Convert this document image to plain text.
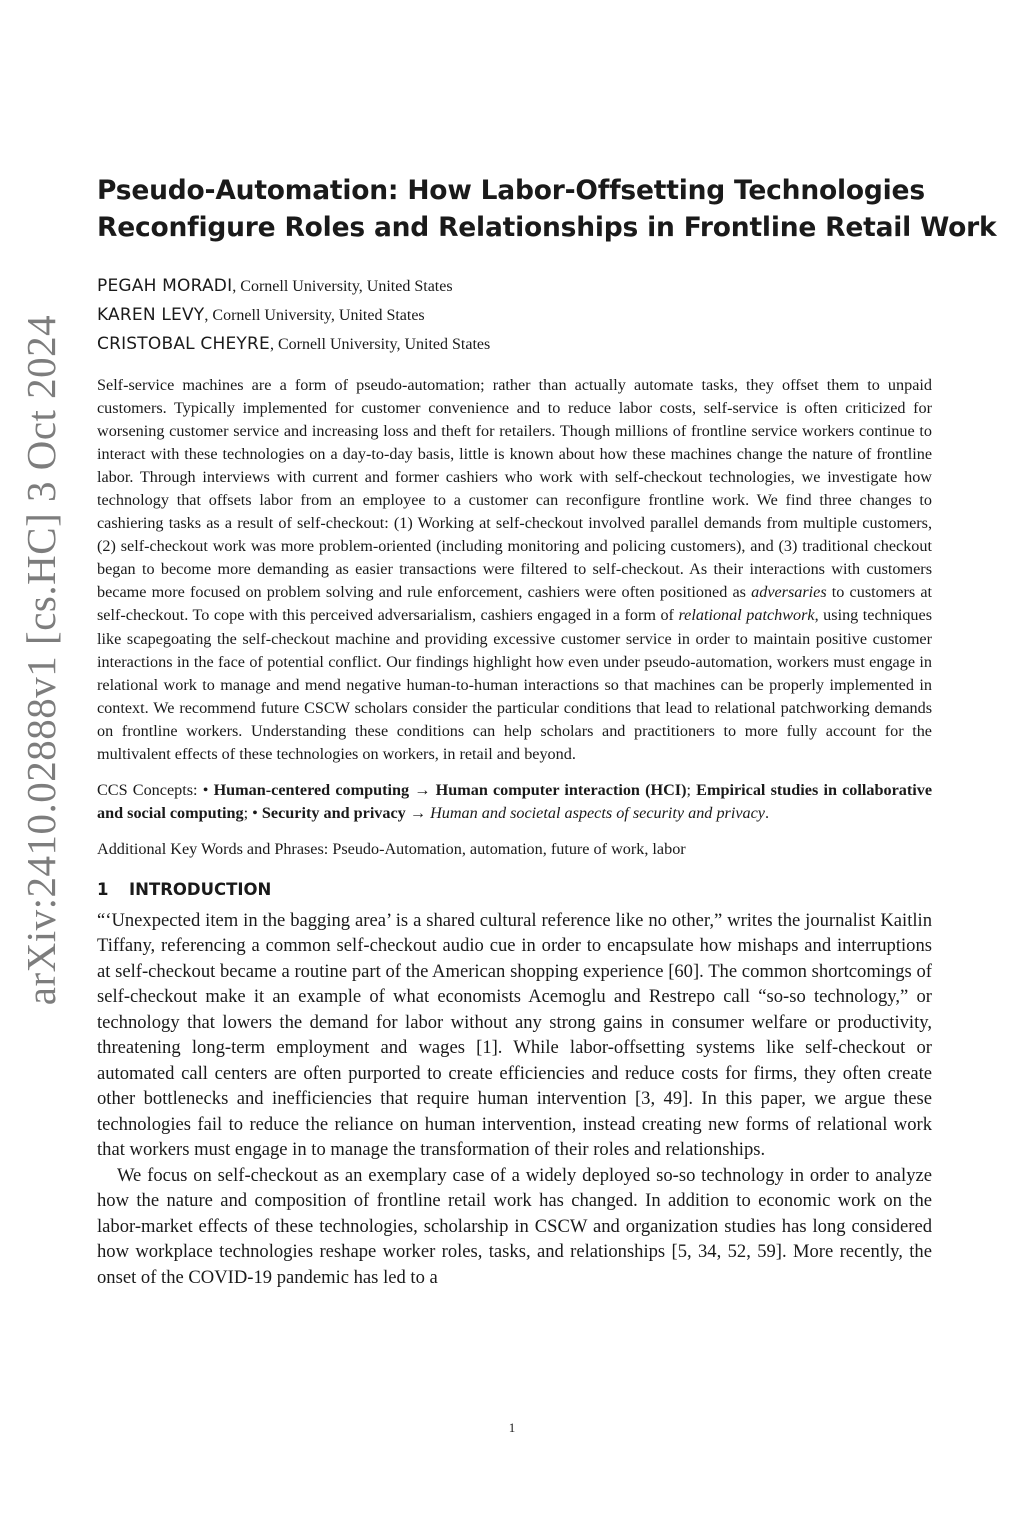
arXiv:2410.02888v1 [cs.HC] 3 Oct 2024
Pseudo-Automation: How Labor-Offsetting Technologies
Reconfigure Roles and Relationships in Frontline Retail Work
PEGAH MORADI, Cornell University, United States
KAREN LEVY, Cornell University, United States
CRISTOBAL CHEYRE, Cornell University, United States

Self-service machines are a form of pseudo-automation; rather than actually automate tasks, they offset them to unpaid customers. Typically implemented for customer convenience and to reduce labor costs, self-service is often criticized for worsening customer service and increasing loss and theft for retailers. Though millions of frontline service workers continue to interact with these technologies on a day-to-day basis, little is known about how these machines change the nature of frontline labor. Through interviews with current and former cashiers who work with self-checkout technologies, we investigate how technology that offsets labor from an employee to a customer can reconfigure frontline work. We find three changes to cashiering tasks as a result of self-checkout: (1) Working at self-checkout involved parallel demands from multiple customers, (2) self-checkout work was more problem-oriented (including monitoring and policing customers), and (3) traditional checkout began to become more demanding as easier transactions were filtered to self-checkout. As their interactions with customers became more focused on problem solving and rule enforcement, cashiers were often positioned as adversaries to customers at self-checkout. To cope with this perceived adversarialism, cashiers engaged in a form of relational patchwork, using techniques like scapegoating the self-checkout machine and providing excessive customer service in order to maintain positive customer interactions in the face of potential conflict. Our findings highlight how even under pseudo-automation, workers must engage in relational work to manage and mend negative human-to-human interactions so that machines can be properly implemented in context. We recommend future CSCW scholars consider the particular conditions that lead to relational patchworking demands on frontline workers. Understanding these conditions can help scholars and practitioners to more fully account for the multivalent effects of these technologies on workers, in retail and beyond.

CCS Concepts: • Human-centered computing → Human computer interaction (HCI); Empirical studies in collaborative and social computing; • Security and privacy → Human and societal aspects of security and privacy.

Additional Key Words and Phrases: Pseudo-Automation, automation, future of work, labor

1 INTRODUCTION

“‘Unexpected item in the bagging area’ is a shared cultural reference like no other,” writes the journalist Kaitlin Tiffany, referencing a common self-checkout audio cue in order to encapsulate how mishaps and interruptions at self-checkout became a routine part of the American shopping experience [60]. The common shortcomings of self-checkout make it an example of what economists Acemoglu and Restrepo call “so-so technology,” or technology that lowers the demand for labor without any strong gains in consumer welfare or productivity, threatening long-term employment and wages [1]. While labor-offsetting systems like self-checkout or automated call centers are often purported to create efficiencies and reduce costs for firms, they often create other bottlenecks and inefficiencies that require human intervention [3, 49]. In this paper, we argue these technologies fail to reduce the reliance on human intervention, instead creating new forms of relational work that workers must engage in to manage the transformation of their roles and relationships.

We focus on self-checkout as an exemplary case of a widely deployed so-so technology in order to analyze how the nature and composition of frontline retail work has changed. In addition to economic work on the labor-market effects of these technologies, scholarship in CSCW and organization studies has long considered how workplace technologies reshape worker roles, tasks, and relationships [5, 34, 52, 59]. More recently, the onset of the COVID-19 pandemic has led to a

1
